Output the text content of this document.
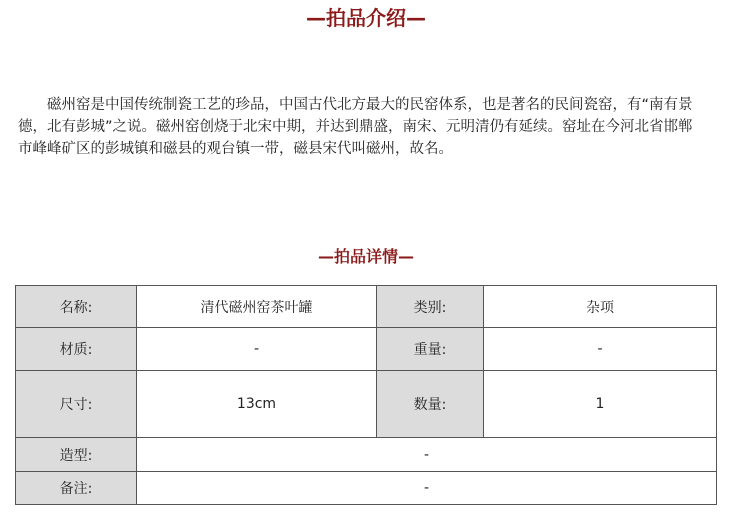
—拍品介绍—

磁州窑是中国传统制瓷工艺的珍品，中国古代北方最大的民窑体系，也是著名的民间瓷窑，有“南有景德，北有彭城”之说。磁州窑创烧于北宋中期，并达到鼎盛，南宋、元明清仍有延续。窑址在今河北省邯郸市峰峰矿区的彭城镇和磁县的观台镇一带，磁县宋代叫磁州，故名。

—拍品详情—
名称:	清代磁州窑茶叶罐	类别:	杂项
材质:	-	重量:	-
尺寸:	13cm	数量:	1
造型:	-		
备注:	-		
